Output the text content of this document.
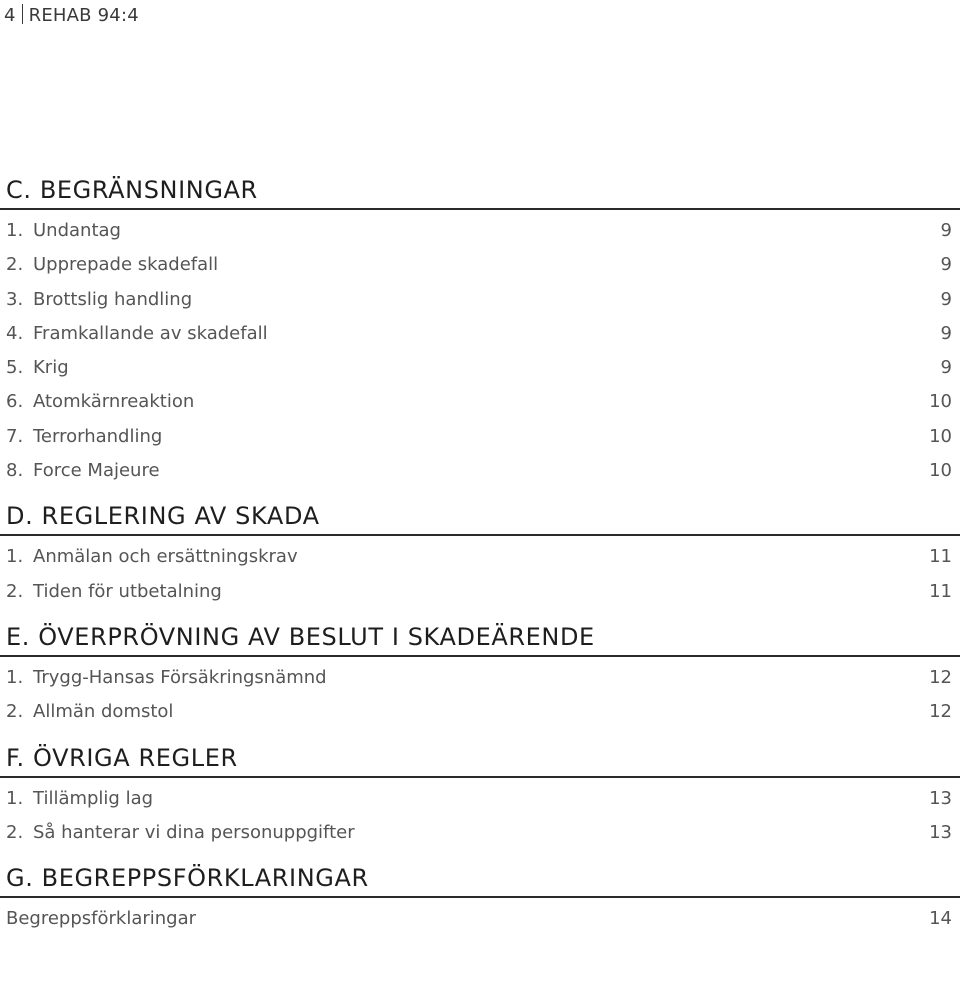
4 REHAB 94:4
C. BEGRÄNSNINGAR
1. Undantag	9
2. Upprepade skadefall	9
3. Brottslig handling	9
4. Framkallande av skadefall	9
5. Krig	9
6. Atomkärnreaktion	10
7. Terrorhandling	10
8. Force Majeure	10
D. REGLERING AV SKADA
1. Anmälan och ersättningskrav	11
2. Tiden för utbetalning	11
E. ÖVERPRÖVNING AV BESLUT I SKADEÄRENDE
1. Trygg-Hansas Försäkringsnämnd	12
2. Allmän domstol	12
F. ÖVRIGA REGLER
1. Tillämplig lag	13
2. Så hanterar vi dina personuppgifter	13
G. BEGREPPSFÖRKLARINGAR
Begreppsförklaringar	14
